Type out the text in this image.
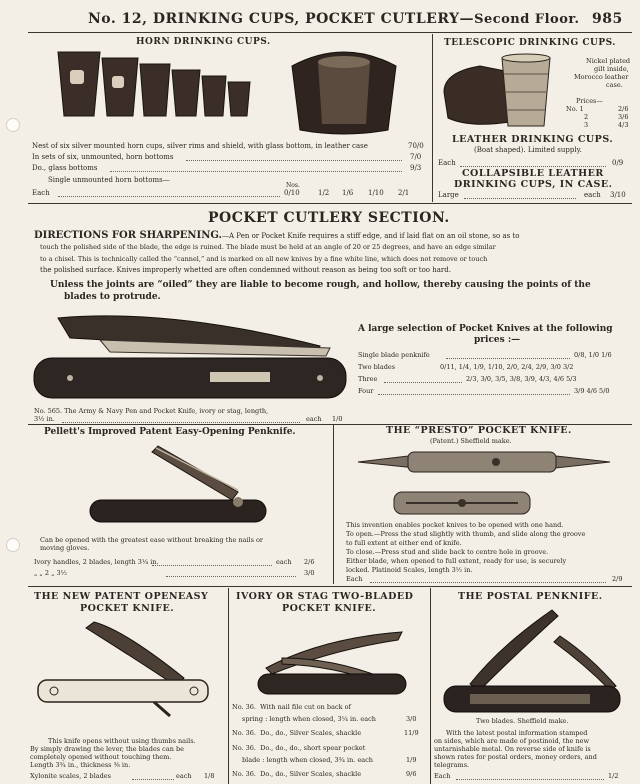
No. 12, DRINKING CUPS, POCKET CUTLERY—Second Floor. 985
HORN DRINKING CUPS.
Nest of six silver mounted horn cups, silver rims and shield, with glass bottom, in leather case	70/0
In sets of six, unmounted, horn bottoms	7/0
Do., glass bottoms	9/3
Single unmounted horn bottoms—
Nos.
Each	0/10	1/2 1/6 1/10 2/1
TELESCOPIC DRINKING CUPS.
Nickel plated
gilt inside,
Morocco leather
case.
Prices—
No. 1	2/6
2	3/6
3	4/3
LEATHER DRINKING CUPS.
(Boat shaped). Limited supply.
Each	0/9
COLLAPSIBLE LEATHER
DRINKING CUPS, IN CASE.
Large	each 3/10
POCKET CUTLERY SECTION.
DIRECTIONS FOR SHARPENING.—A Pen or Pocket Knife requires a stiff edge, and if laid flat on an oil stone, so as to
touch the polished side of the blade, the edge is ruined. The blade must be held at an angle of 20 or 25 degrees, and have an edge similar
to a chisel. This is technically called the “cannel,” and is marked on all new knives by a fine white line, which does not remove or touch
the polished surface. Knives improperly whetted are often condemned without reason as being too soft or too hard.
Unless the joints are “oiled” they are liable to become rough, and hollow, thereby causing the points of the
blades to protrude.
No. 565. The Army & Navy Pen and Pocket Knife, ivory or stag, length,
3½ in.	each 1/0
A large selection of Pocket Knives at the following
prices :—
Single blade penknife	0/8, 1/0 1/6
Two blades	0/11, 1/4, 1/9, 1/10, 2/0, 2/4, 2/9, 3/0 3/2
Three	2/3, 3/0, 3/5, 3/8, 3/9, 4/3, 4/6 5/3
Four	3/9 4/6 5/0
Pellett's Improved Patent Easy-Opening Penknife.
Can be opened with the greatest ease without breaking the nails or
moving gloves.
Ivory handles, 2 blades, length 3¼ in.	each 2/6
„ „ 2 „ 3½	3/0
THE “PRESTO” POCKET KNIFE.
(Patent.) Sheffield make.
This invention enables pocket knives to be opened with one hand.
To open.—Press the stud slightly with thumb, and slide along the groove
to full extent at either end of knife.
To close.—Press stud and slide back to centre hole in groove.
Either blade, when opened to full extent, ready for use, is securely
locked. Platinoid Scales, length 3½ in.
Each	2/9
THE NEW PATENT OPENEASY
POCKET KNIFE.
This knife opens without using thumbs nails.
By simply drawing the lever, the blades can be
completely opened without touching them.
Length 3¾ in., thickness ⅜ in.
Xylonite scales, 2 blades	each 1/8
IVORY OR STAG TWO-BLADED
POCKET KNIFE.
No. 36. With nail file cut on back of
spring : length when closed, 3¼ in. each	3/0
No. 36. Do., do., Silver Scales, shackle	11/9
No. 36. Do., do., do., short spear pocket
blade : length when closed, 3¾ in. each	1/9
No. 36. Do., do., Silver Scales, shackle	9/6
THE POSTAL PENKNIFE.
Two blades. Sheffield make.
With the latest postal information stamped
on sides, which are made of postinoid, the new
untarnishable metal. On reverse side of knife is
shown rates for postal orders, money orders, and
telegrams.
Each	1/2
